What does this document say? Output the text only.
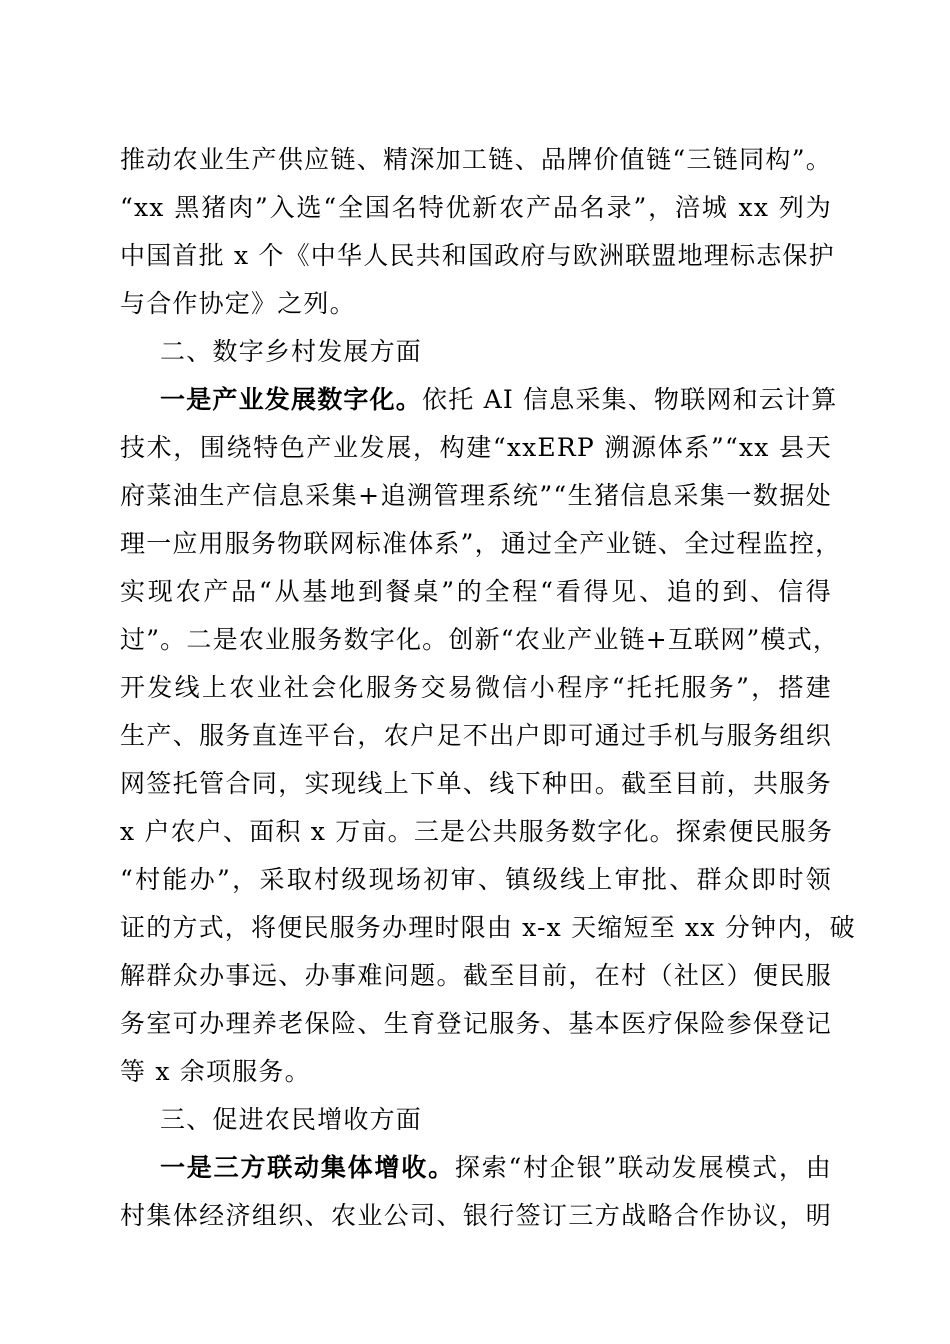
推动农业生产供应链、精深加工链、品牌价值链“三链同构”。
“xx 黑猪肉”入选“全国名特优新农产品名录”，涪城 xx 列为
中国首批 x 个《中华人民共和国政府与欧洲联盟地理标志保护
与合作协定》之列。
二、数字乡村发展方面
一是产业发展数字化。依托 AI 信息采集、物联网和云计算
技术，围绕特色产业发展，构建“xxERP 溯源体系”“xx 县天
府菜油生产信息采集+追溯管理系统”“生猪信息采集一数据处
理一应用服务物联网标准体系”，通过全产业链、全过程监控，
实现农产品“从基地到餐桌”的全程“看得见、追的到、信得
过”。二是农业服务数字化。创新“农业产业链+互联网”模式，
开发线上农业社会化服务交易微信小程序“托托服务”，搭建
生产、服务直连平台，农户足不出户即可通过手机与服务组织
网签托管合同，实现线上下单、线下种田。截至目前，共服务
x 户农户、面积 x 万亩。三是公共服务数字化。探索便民服务
“村能办”，采取村级现场初审、镇级线上审批、群众即时领
证的方式，将便民服务办理时限由 x-x 天缩短至 xx 分钟内，破
解群众办事远、办事难问题。截至目前，在村（社区）便民服
务室可办理养老保险、生育登记服务、基本医疗保险参保登记
等 x 余项服务。
三、促进农民增收方面
一是三方联动集体增收。探索“村企银”联动发展模式，由
村集体经济组织、农业公司、银行签订三方战略合作协议，明
